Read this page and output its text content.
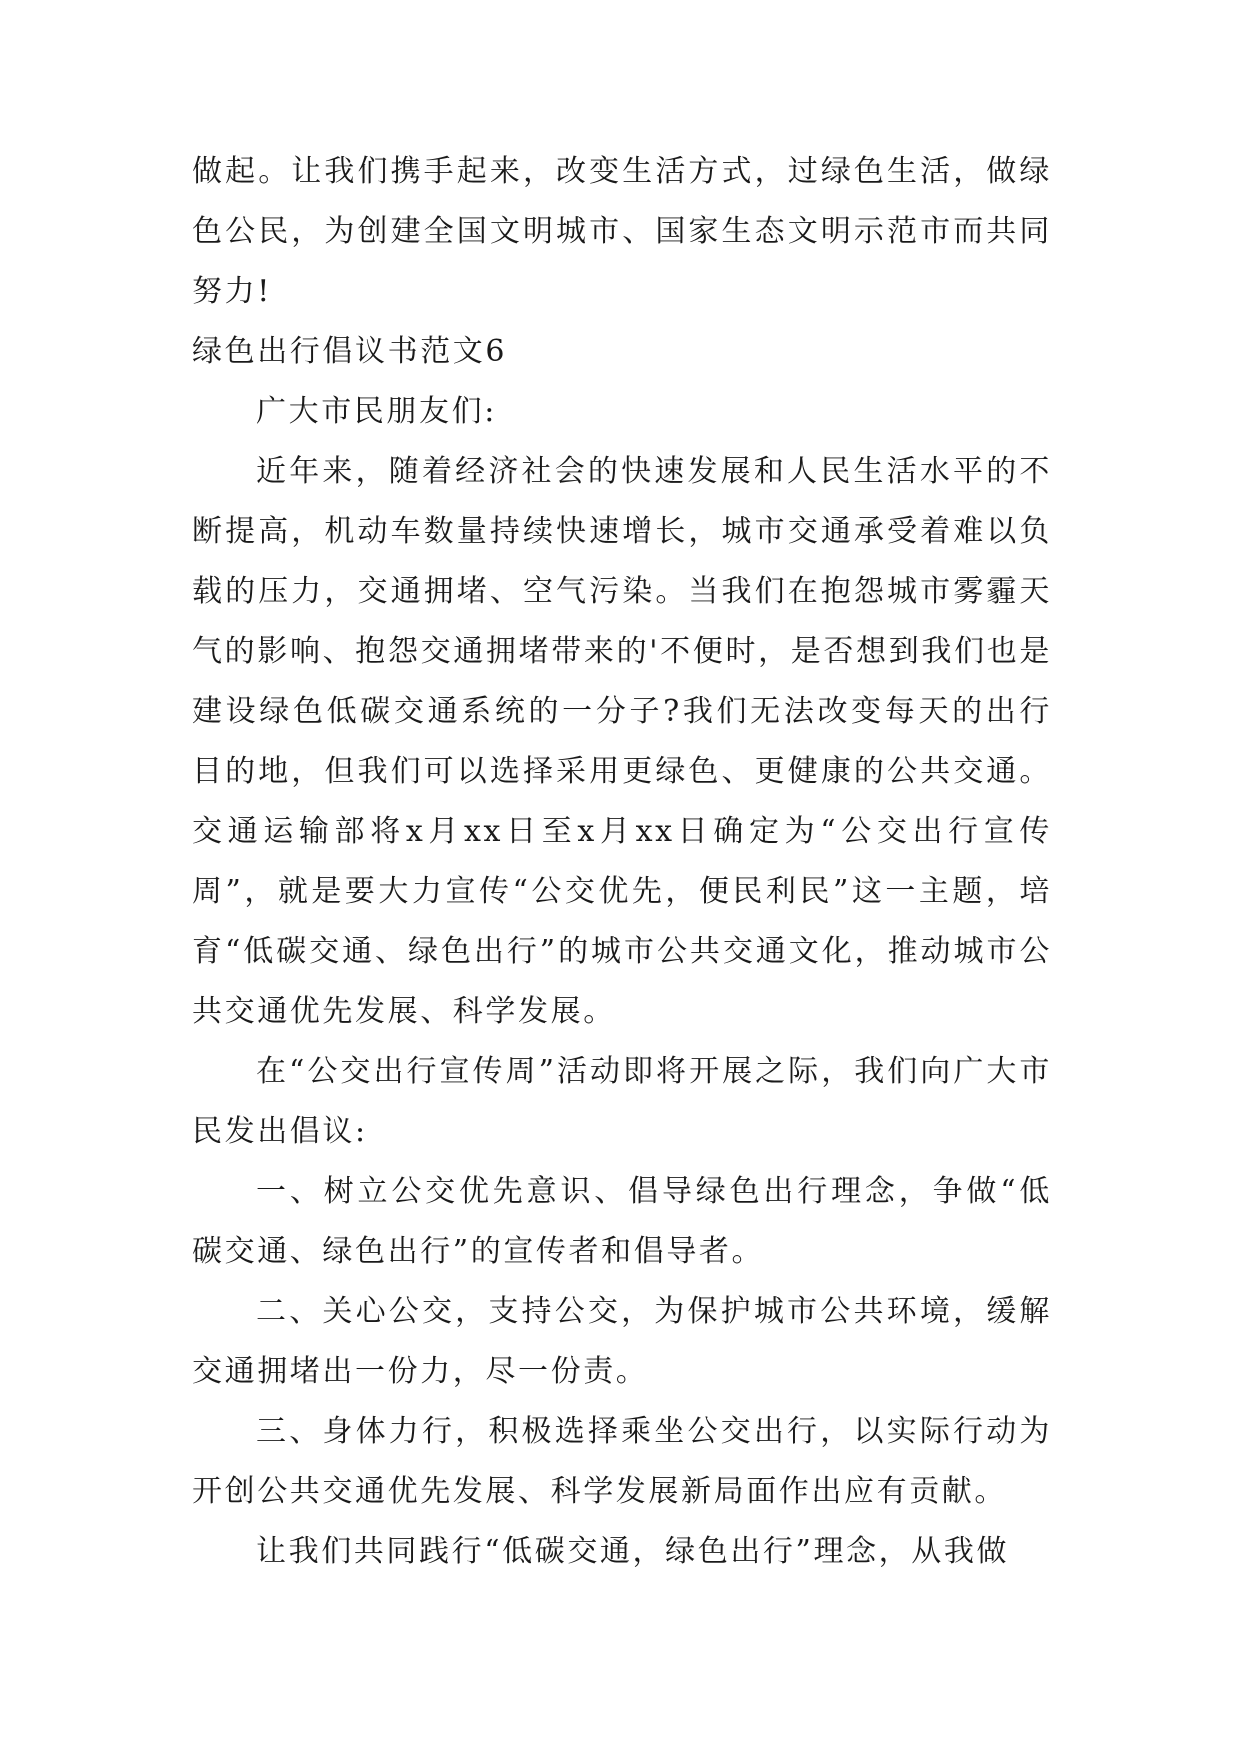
做起。让我们携手起来，改变生活方式，过绿色生活，做绿色公民，为创建全国文明城市、国家生态文明示范市而共同努力!

绿色出行倡议书范文6

广大市民朋友们:

近年来，随着经济社会的快速发展和人民生活水平的不断提高，机动车数量持续快速增长，城市交通承受着难以负载的压力，交通拥堵、空气污染。当我们在抱怨城市雾霾天气的影响、抱怨交通拥堵带来的'不便时，是否想到我们也是建设绿色低碳交通系统的一分子?我们无法改变每天的出行目的地，但我们可以选择采用更绿色、更健康的公共交通。交通运输部将x月xx日至x月xx日确定为“公交出行宣传周”，就是要大力宣传“公交优先，便民利民”这一主题，培育“低碳交通、绿色出行”的城市公共交通文化，推动城市公共交通优先发展、科学发展。

在“公交出行宣传周”活动即将开展之际，我们向广大市民发出倡议:

一、树立公交优先意识、倡导绿色出行理念，争做“低碳交通、绿色出行”的宣传者和倡导者。

二、关心公交，支持公交，为保护城市公共环境，缓解交通拥堵出一份力，尽一份责。

三、身体力行，积极选择乘坐公交出行，以实际行动为开创公共交通优先发展、科学发展新局面作出应有贡献。

让我们共同践行“低碳交通，绿色出行”理念，从我做
